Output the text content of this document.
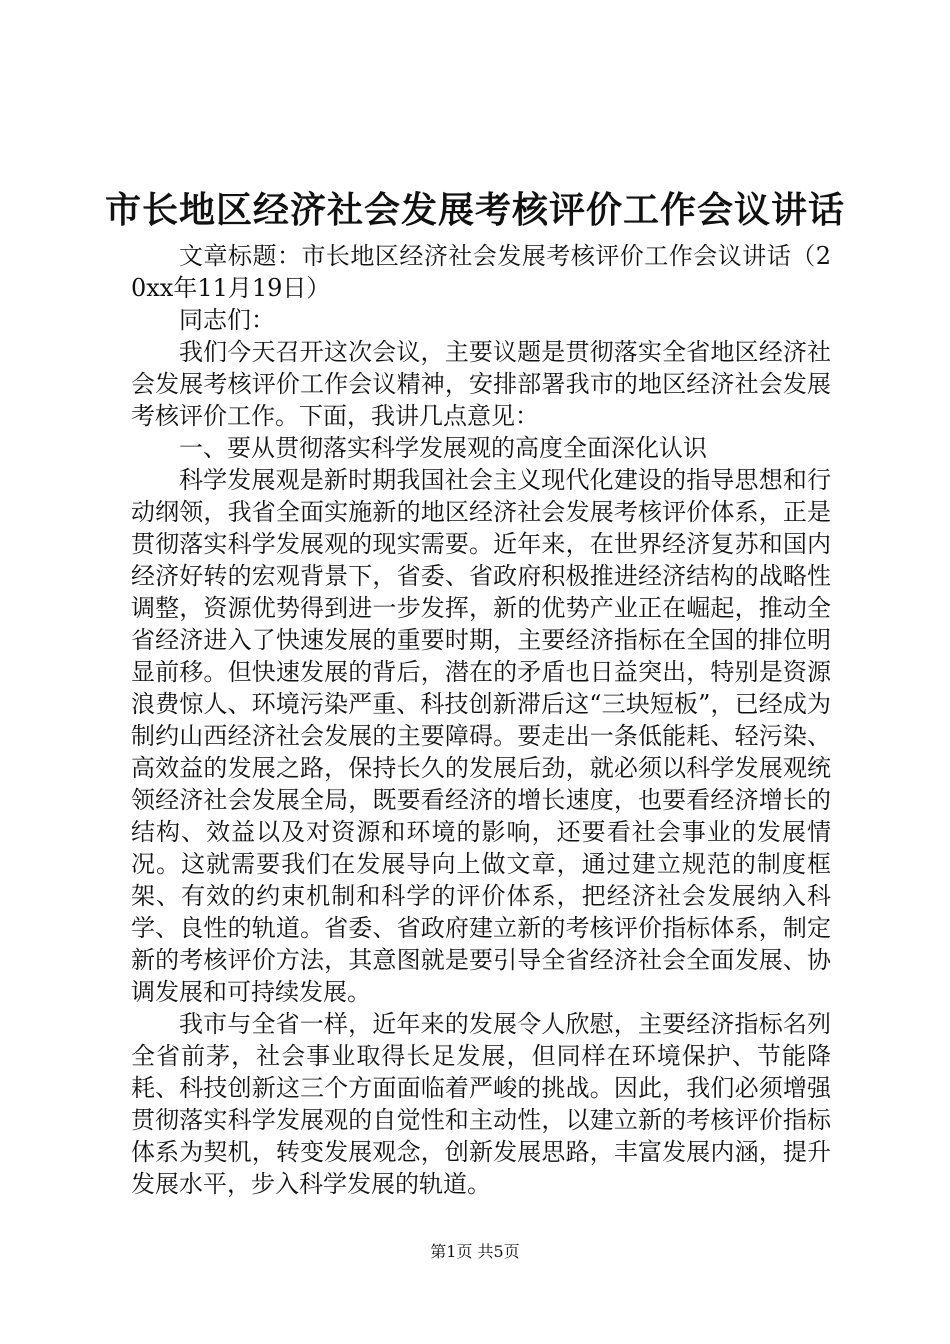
市长地区经济社会发展考核评价工作会议讲话

文章标题：市长地区经济社会发展考核评价工作会议讲话（20xx年11月19日）

同志们：

我们今天召开这次会议，主要议题是贯彻落实全省地区经济社会发展考核评价工作会议精神，安排部署我市的地区经济社会发展考核评价工作。下面，我讲几点意见：

一、要从贯彻落实科学发展观的高度全面深化认识

科学发展观是新时期我国社会主义现代化建设的指导思想和行动纲领，我省全面实施新的地区经济社会发展考核评价体系，正是贯彻落实科学发展观的现实需要。近年来，在世界经济复苏和国内经济好转的宏观背景下，省委、省政府积极推进经济结构的战略性调整，资源优势得到进一步发挥，新的优势产业正在崛起，推动全省经济进入了快速发展的重要时期，主要经济指标在全国的排位明显前移。但快速发展的背后，潜在的矛盾也日益突出，特别是资源浪费惊人、环境污染严重、科技创新滞后这“三块短板”，已经成为制约山西经济社会发展的主要障碍。要走出一条低能耗、轻污染、高效益的发展之路，保持长久的发展后劲，就必须以科学发展观统领经济社会发展全局，既要看经济的增长速度，也要看经济增长的结构、效益以及对资源和环境的影响，还要看社会事业的发展情况。这就需要我们在发展导向上做文章，通过建立规范的制度框架、有效的约束机制和科学的评价体系，把经济社会发展纳入科学、良性的轨道。省委、省政府建立新的考核评价指标体系，制定新的考核评价方法，其意图就是要引导全省经济社会全面发展、协调发展和可持续发展。

我市与全省一样，近年来的发展令人欣慰，主要经济指标名列全省前茅，社会事业取得长足发展，但同样在环境保护、节能降耗、科技创新这三个方面面临着严峻的挑战。因此，我们必须增强贯彻落实科学发展观的自觉性和主动性，以建立新的考核评价指标体系为契机，转变发展观念，创新发展思路，丰富发展内涵，提升发展水平，步入科学发展的轨道。

第1页 共5页
